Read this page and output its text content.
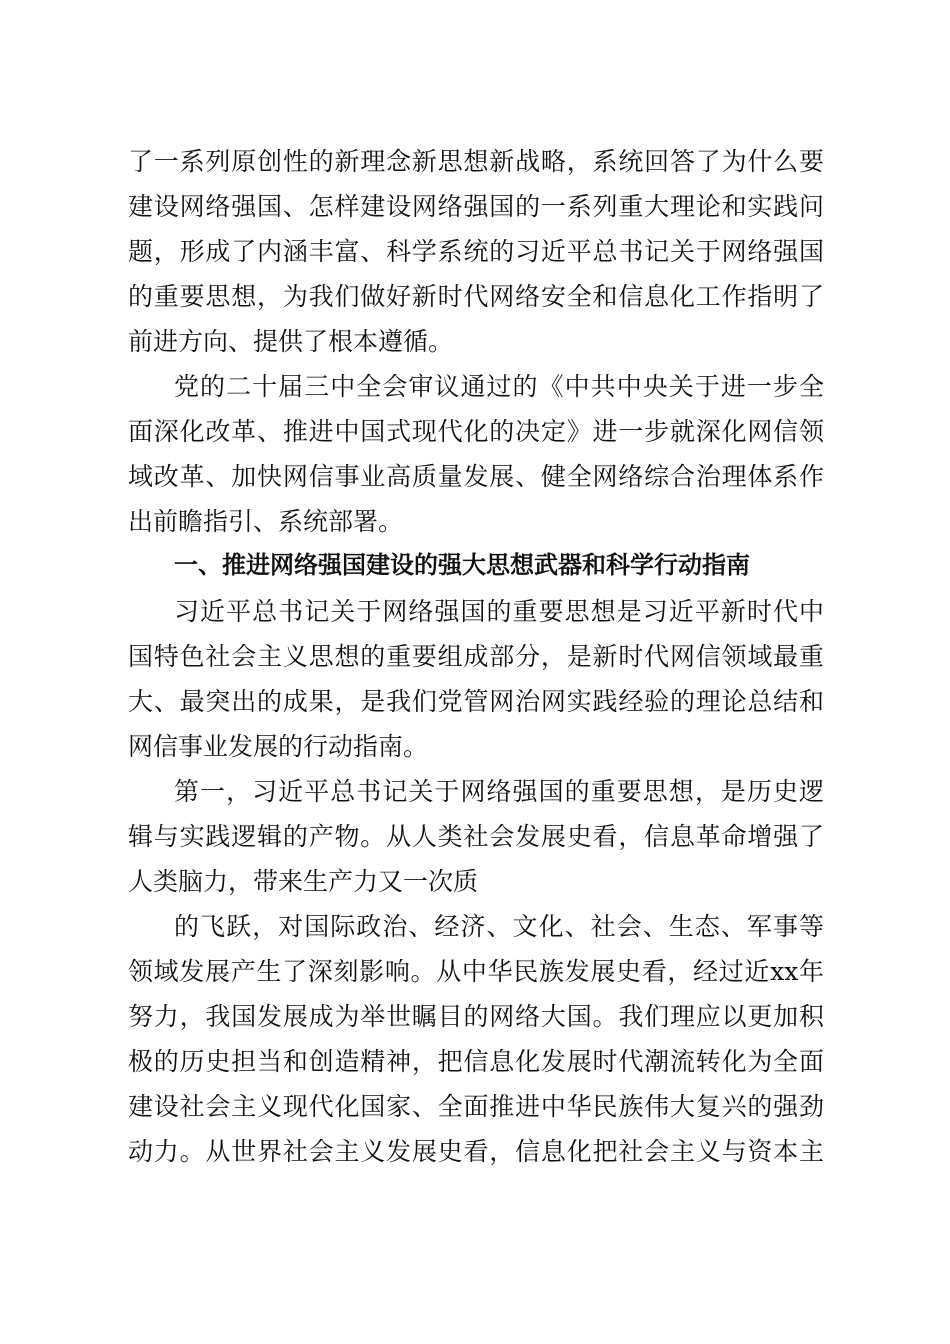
了一系列原创性的新理念新思想新战略，系统回答了为什么要
建设网络强国、怎样建设网络强国的一系列重大理论和实践问
题，形成了内涵丰富、科学系统的习近平总书记关于网络强国
的重要思想，为我们做好新时代网络安全和信息化工作指明了
前进方向、提供了根本遵循。
党的二十届三中全会审议通过的《中共中央关于进一步全
面深化改革、推进中国式现代化的决定》进一步就深化网信领
域改革、加快网信事业高质量发展、健全网络综合治理体系作
出前瞻指引、系统部署。
一、推进网络强国建设的强大思想武器和科学行动指南
习近平总书记关于网络强国的重要思想是习近平新时代中
国特色社会主义思想的重要组成部分，是新时代网信领域最重
大、最突出的成果，是我们党管网治网实践经验的理论总结和
网信事业发展的行动指南。
第一，习近平总书记关于网络强国的重要思想，是历史逻
辑与实践逻辑的产物。从人类社会发展史看，信息革命增强了
人类脑力，带来生产力又一次质
的飞跃，对国际政治、经济、文化、社会、生态、军事等
领域发展产生了深刻影响。从中华民族发展史看，经过近xx年
努力，我国发展成为举世瞩目的网络大国。我们理应以更加积
极的历史担当和创造精神，把信息化发展时代潮流转化为全面
建设社会主义现代化国家、全面推进中华民族伟大复兴的强劲
动力。从世界社会主义发展史看，信息化把社会主义与资本主
